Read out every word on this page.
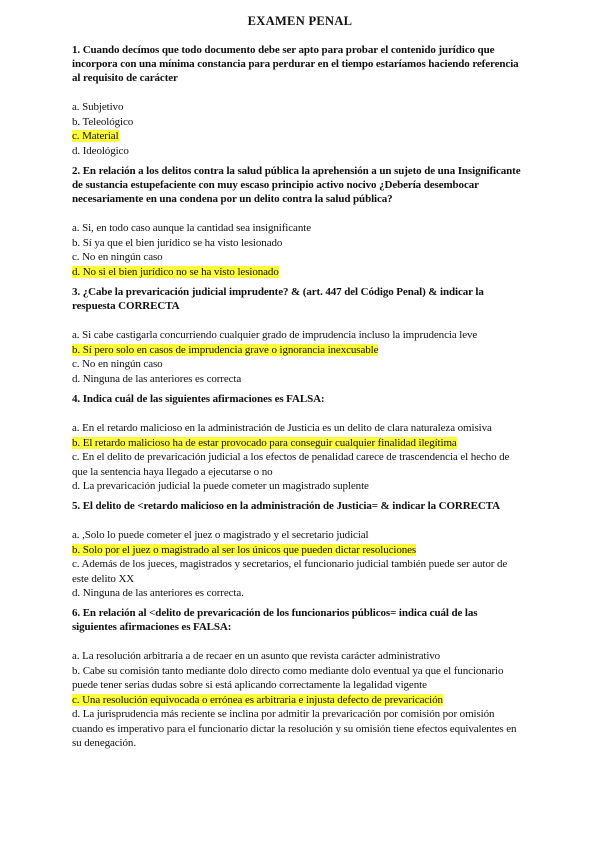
EXAMEN PENAL

1. Cuando decímos que todo documento debe ser apto para probar el contenido jurídico que incorpora con una mínima constancia para perdurar en el tiempo estaríamos haciendo referencia al requisito de carácter

a. Subjetivo

b. Teleológico

c. Material

d. Ideológico

2. En relación a los delitos contra la salud pública la aprehensión a un sujeto de una Insignificante de sustancia estupefaciente con muy escaso principio activo nocivo ¿Debería desembocar necesariamente en una condena por un delito contra la salud pública?

a. Si, en todo caso aunque la cantidad sea insignificante

b. Sí ya que el bien jurídico se ha visto lesionado

c. No en ningún caso

d. No si el bien jurídico no se ha visto lesionado

3. ¿Cabe la prevaricación judicial imprudente? & (art. 447 del Código Penal) & indicar la respuesta CORRECTA

a. Si cabe castigarla concurriendo cualquier grado de imprudencia incluso la imprudencia leve

b. Sí pero solo en casos de imprudencia grave o ignorancia inexcusable

c. No en ningún caso

d. Ninguna de las anteriores es correcta

4. Indica cuál de las siguientes afirmaciones es FALSA:

a. En el retardo malicioso en la administración de Justicia es un delito de clara naturaleza omisiva

b. El retardo malicioso ha de estar provocado para conseguir cualquier finalidad ilegítima

c. En el delito de prevaricación judicial a los efectos de penalidad carece de trascendencia el hecho de que la sentencia haya llegado a ejecutarse o no

d. La prevaricación judicial la puede cometer un magistrado suplente

5. El delito de <retardo malicioso en la administración de Justicia= & indicar la CORRECTA

a. ,Solo lo puede cometer el juez o magistrado y el secretario judicial

b. Solo por el juez o magistrado al ser los únicos que pueden dictar resoluciones

c. Además de los jueces, magistrados y secretarios, el funcionario judicial también puede ser autor de este delito XX

d. Ninguna de las anteriores es correcta.

6. En relación al <delito de prevaricación de los funcionarios públicos= indica cuál de las siguientes afirmaciones es FALSA:

a. La resolución arbitraria a de recaer en un asunto que revista carácter administrativo

b. Cabe su comisión tanto mediante dolo directo como mediante dolo eventual ya que el funcionario puede tener serias dudas sobre si está aplicando correctamente la legalidad vigente

c. Una resolución equivocada o errónea es arbitraria e injusta defecto de prevaricación

d. La jurisprudencia más reciente se inclina por admitir la prevaricación por comisión por omisión cuando es imperativo para el funcionario dictar la resolución y su omisión tiene efectos equivalentes en su denegación.
